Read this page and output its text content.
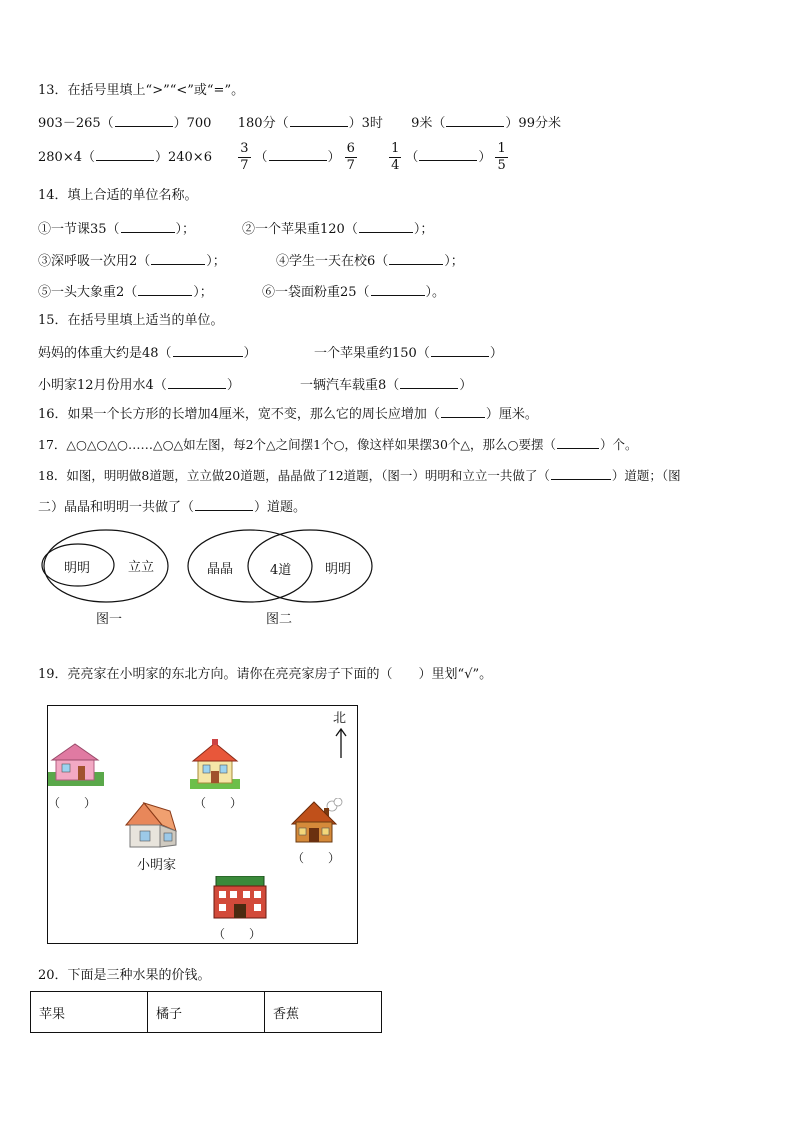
13．在括号里填上“>”“<”或“=”。
903－265（	）700 180分（	）3时 9米（	）99分米
280×4（	）$240\times 6 \frac{3}{7}$ （	） $\frac{6}{7}$
$\frac{1}{4}$ （	） $\frac{1}{5}$
14．填上合适的单位名称。
①一节课35（	）；	②一个苹果重120（	）；
③深呼吸一次用2（	）；	④学生一天在校6（	）；
⑤一头大象重2（	）；	⑥一袋面粉重25（	）。
15．在括号里填上适当的单位。
妈妈的体重大约是48（	）	一个苹果重约150（	）
小明家12月份用水4（	）	一辆汽车载重8（	）
16．如果一个长方形的长增加4厘米，宽不变，那么它的周长应增加（	）厘米。
17．△○△○△○……△○△如左图，每2个△之间摆1个○，像这样如果摆30个△，那么○要摆（	）个。
18．如图，明明做8道题，立立做20道题，晶晶做了12道题，（图一）明明和立立一共做了（	）道题；（图
二）晶晶和明明一共做了（	）道题。
明明	立立
图一
晶晶	4道	明明
图二
19．亮亮家在小明家的东北方向。请你在亮亮家房子下面的（　　）里划“√”。
北
（　　）	（　　）
小明家	（　　）
（　　）
20．下面是三种水果的价钱。
苹果	橘子	香蕉
